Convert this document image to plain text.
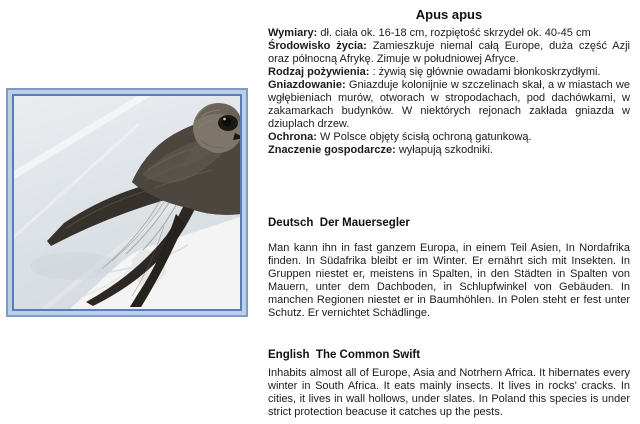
Apus apus

Wymiary: dł. ciała ok. 16-18 cm, rozpiętość skrzydeł ok. 40-45 cm

Środowisko życia: Zamieszkuje niemal całą Europe, duża część Azji oraz północną Afrykę. Zimuje w południowej Afryce.

Rodzaj pożywienia: : żywią się głównie owadami błonkoskrzydłymi.

Gniazdowanie: Gniazduje kolonijnie w szczelinach skał, a w miastach we wgłębieniach murów, otworach w stropodachach, pod dachówkami, w zakamarkach budynków. W niektórych rejonach zakłada gniazda w dziuplach drzew.

Ochrona: W Polsce objęty ścisłą ochroną gatunkową.

Znaczenie gospodarcze: wyłapują szkodniki.

Deutsch  Der Mauersegler
Man kann ihn in fast ganzem Europa, in einem Teil Asien, In Nordafrika finden. In Südafrika bleibt er im Winter. Er ernährt sich mit Insekten. In Gruppen niestet er, meistens in Spalten, in den Städten in Spalten von Mauern, unter dem Dachboden, in Schlupfwinkel von Gebäuden. In manchen Regionen niestet er in Baumhöhlen. In Polen steht er fest unter Schutz. Er vernichtet Schädlinge.
English  The Common Swift
Inhabits almost all of Europe, Asia and Notrhern Africa. It hibernates every winter in South Africa. It eats mainly insects. It lives in rocks' cracks. In cities, it lives in wall hollows, under slates. In Poland this species is under strict protection beacuse it catches up the pests.
